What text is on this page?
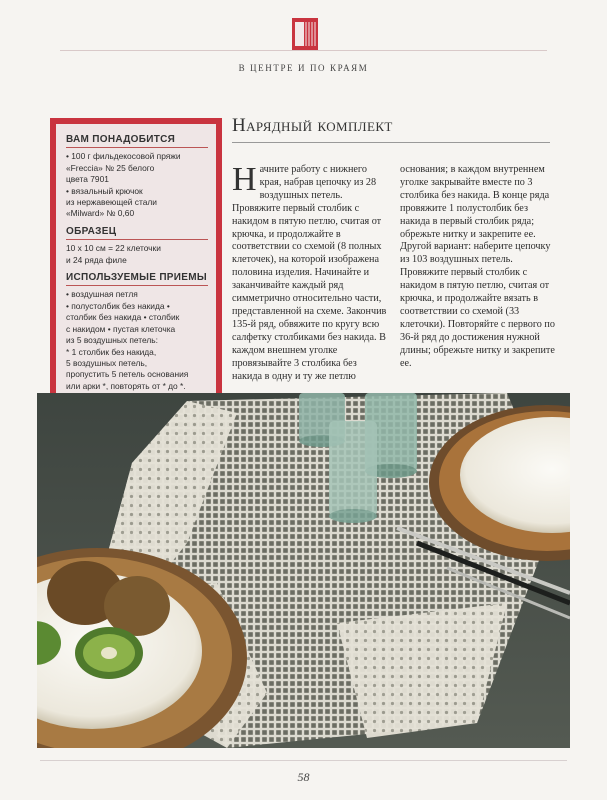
В ЦЕНТРЕ И ПО КРАЯМ
ВАМ ПОНАДОБИТСЯ
• 100 г фильдекосовой пряжи
«Freccia» № 25 белого
цвета 7901
• вязальный крючок
из нержавеющей стали
«Milward» № 0,60
ОБРАЗЕЦ
10 х 10 см = 22 клеточки
и 24 ряда филе
ИСПОЛЬЗУЕМЫЕ ПРИЕМЫ
• воздушная петля
• полустолбик без накида •
столбик без накида • столбик
с накидом • пустая клеточка
из 5 воздушных петель:
* 1 столбик без накида,
5 воздушных петель,
пропустить 5 петель основания
или арки *, повторять от * до *.

Нарядный комплект
Н ачните работу с нижнего края, набрав цепочку из 28 воздушных петель. Провяжите первый столбик с накидом в пятую петлю, считая от крючка, и продолжайте в соответствии со схемой (8 полных клеточек), на которой изображена половина изделия. Начинайте и заканчивайте каждый ряд симметрично относительно части, представленной на схеме. Закончив 135-й ряд, обвяжите по кругу всю салфетку столбиками без накида. В каждом внешнем уголке провязывайте 3 столбика без накида в одну и ту же петлю
основания; в каждом внутреннем уголке закрывайте вместе по 3 столбика без накида. В конце ряда провяжите 1 полустолбик без накида в первый столбик ряда; обрежьте нитку и закрепите ее. Другой вариант: наберите цепочку из 103 воздушных петель. Провяжите первый столбик с накидом в пятую петлю, считая от крючка, и продолжайте вязать в соответствии со схемой (33 клеточки). Повторяйте с первого по 36-й ряд до достижения нужной длины; обрежьте нитку и закрепите ее.
58
